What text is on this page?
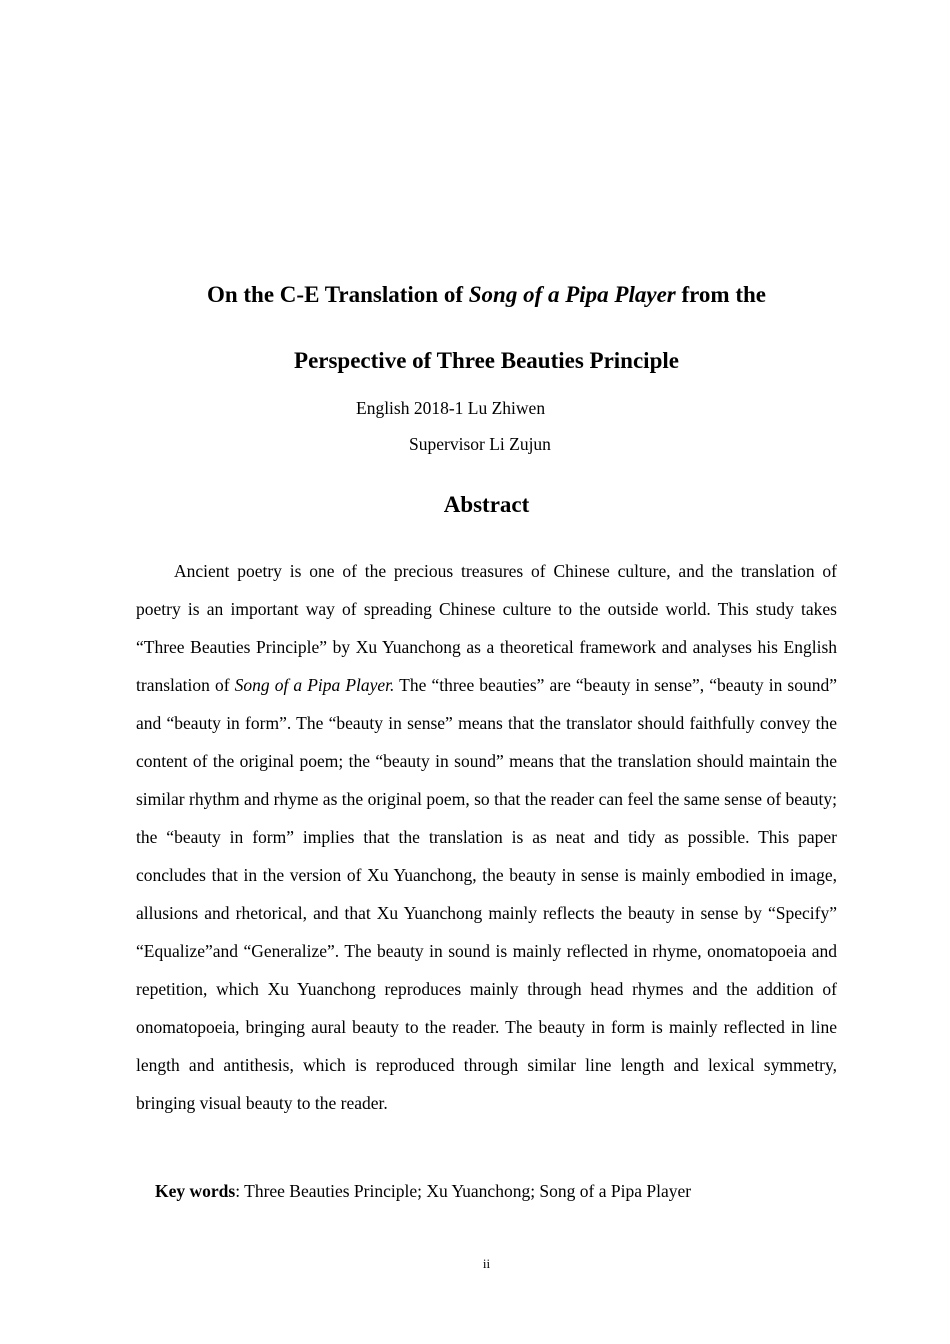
On the C-E Translation of Song of a Pipa Player from the
Perspective of Three Beauties Principle
English 2018-1 Lu Zhiwen
Supervisor Li Zujun
Abstract

Ancient poetry is one of the precious treasures of Chinese culture, and the translation of poetry is an important way of spreading Chinese culture to the outside world. This study takes “Three Beauties Principle” by Xu Yuanchong as a theoretical framework and analyses his English translation of Song of a Pipa Player. The “three beauties” are “beauty in sense”, “beauty in sound” and “beauty in form”. The “beauty in sense” means that the translator should faithfully convey the content of the original poem; the “beauty in sound” means that the translation should maintain the similar rhythm and rhyme as the original poem, so that the reader can feel the same sense of beauty; the “beauty in form” implies that the translation is as neat and tidy as possible. This paper concludes that in the version of Xu Yuanchong, the beauty in sense is mainly embodied in image, allusions and rhetorical, and that Xu Yuanchong mainly reflects the beauty in sense by “Specify” “Equalize”and “Generalize”. The beauty in sound is mainly reflected in rhyme, onomatopoeia and repetition, which Xu Yuanchong reproduces mainly through head rhymes and the addition of onomatopoeia, bringing aural beauty to the reader. The beauty in form is mainly reflected in line length and antithesis, which is reproduced through similar line length and lexical symmetry, bringing visual beauty to the reader.

Key words: Three Beauties Principle; Xu Yuanchong; Song of a Pipa Player
ii
